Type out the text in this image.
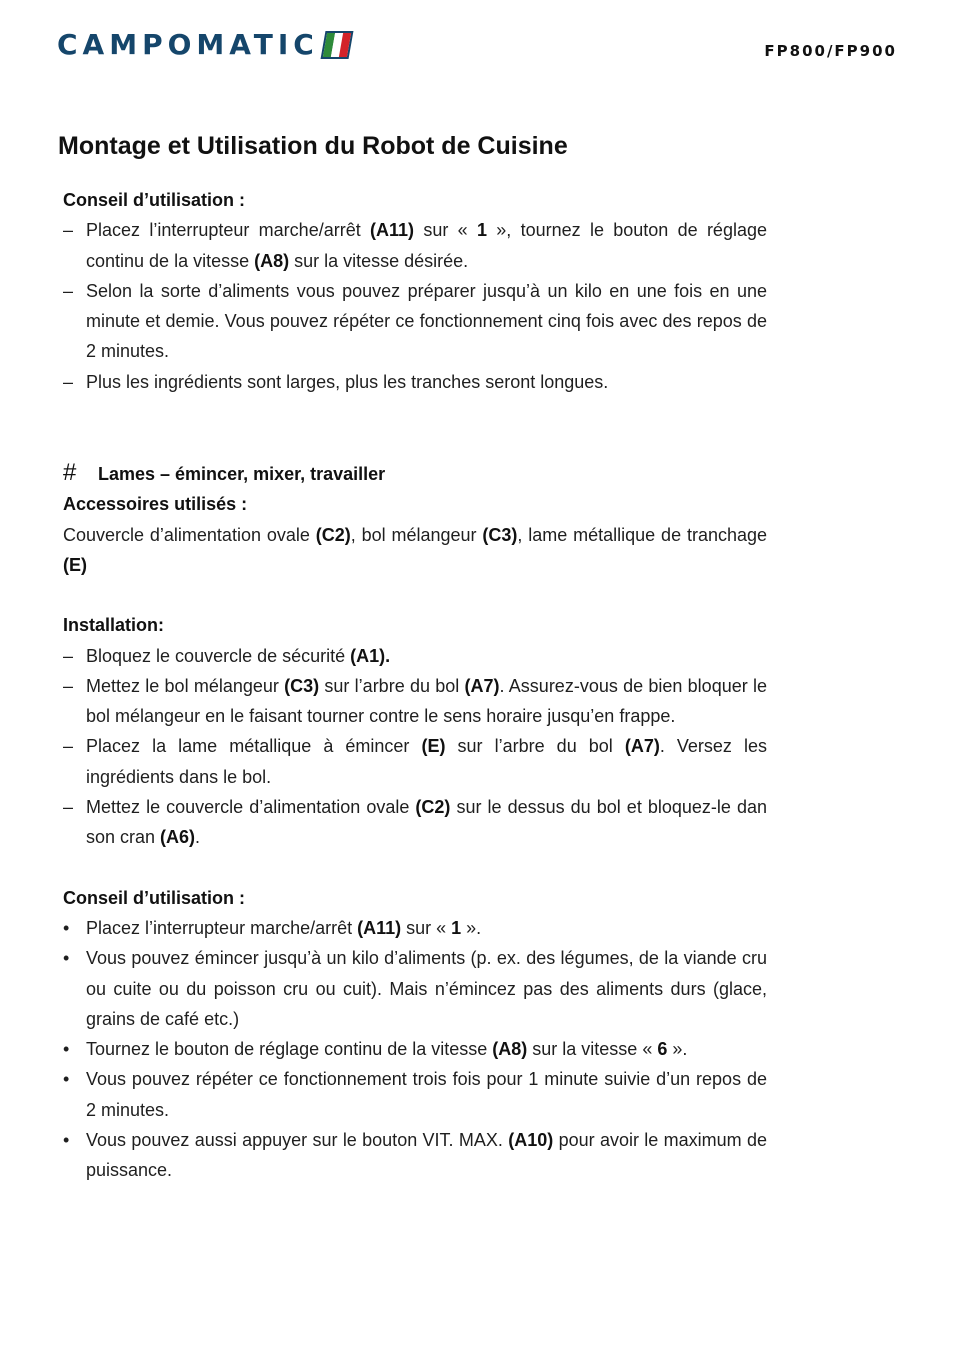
CAMPOMATIC	FP800/FP900
Montage et Utilisation du Robot de Cuisine

Conseil d’utilisation :

– Placez l’interrupteur marche/arrêt (A11) sur « 1 », tournez le bouton de réglage continu de la vitesse (A8) sur la vitesse désirée.
– Selon la sorte d’aliments vous pouvez préparer jusqu’à un kilo en une fois en une minute et demie. Vous pouvez répéter ce fonctionnement cinq fois avec des repos de 2 minutes.
– Plus les ingrédients sont larges, plus les tranches seront longues.

#	Lames – émincer, mixer, travailler

Accessoires utilisés :

Couvercle d’alimentation ovale (C2), bol mélangeur (C3), lame métallique de tranchage (E)

Installation:

– Bloquez le couvercle de sécurité (A1).
– Mettez le bol mélangeur (C3) sur l’arbre du bol (A7). Assurez-vous de bien bloquer le bol mélangeur en le faisant tourner contre le sens horaire jusqu’en frappe.
– Placez la lame métallique à émincer (E) sur l’arbre du bol (A7). Versez les ingrédients dans le bol.
– Mettez le couvercle d’alimentation ovale (C2) sur le dessus du bol et bloquez-le dan son cran (A6).

Conseil d’utilisation :

• Placez l’interrupteur marche/arrêt (A11) sur « 1 ».
• Vous pouvez émincer jusqu’à un kilo d’aliments (p. ex. des légumes, de la viande cru ou cuite ou du poisson cru ou cuit). Mais n’émincez pas des aliments durs (glace, grains de café etc.)
• Tournez le bouton de réglage continu de la vitesse (A8) sur la vitesse « 6 ».
• Vous pouvez répéter ce fonctionnement trois fois pour 1 minute suivie d’un repos de 2 minutes.
• Vous pouvez aussi appuyer sur le bouton VIT. MAX. (A10) pour avoir le maximum de puissance.
